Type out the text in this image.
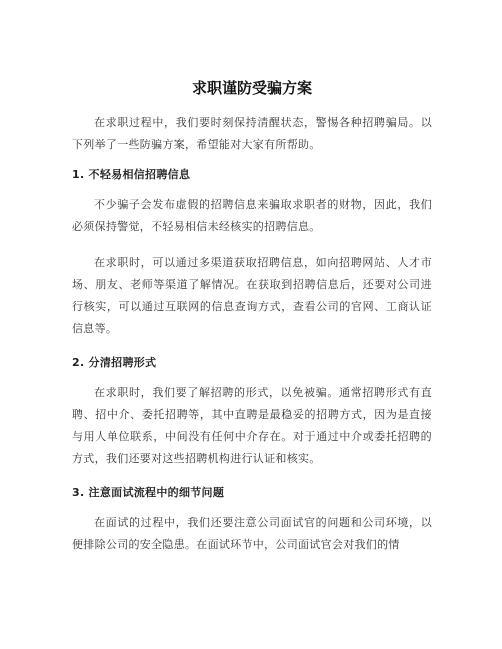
求职谨防受骗方案

在求职过程中，我们要时刻保持清醒状态，警惕各种招聘骗局。以下列举了一些防骗方案，希望能对大家有所帮助。

1. 不轻易相信招聘信息

不少骗子会发布虚假的招聘信息来骗取求职者的财物，因此，我们必须保持警觉，不轻易相信未经核实的招聘信息。

在求职时，可以通过多渠道获取招聘信息，如向招聘网站、人才市场、朋友、老师等渠道了解情况。在获取到招聘信息后，还要对公司进行核实，可以通过互联网的信息查询方式，查看公司的官网、工商认证信息等。

2. 分清招聘形式

在求职时，我们要了解招聘的形式，以免被骗。通常招聘形式有直聘、招中介、委托招聘等，其中直聘是最稳妥的招聘方式，因为是直接与用人单位联系，中间没有任何中介存在。对于通过中介或委托招聘的方式，我们还要对这些招聘机构进行认证和核实。

3. 注意面试流程中的细节问题

在面试的过程中，我们还要注意公司面试官的问题和公司环境，以便排除公司的安全隐患。在面试环节中，公司面试官会对我们的情
